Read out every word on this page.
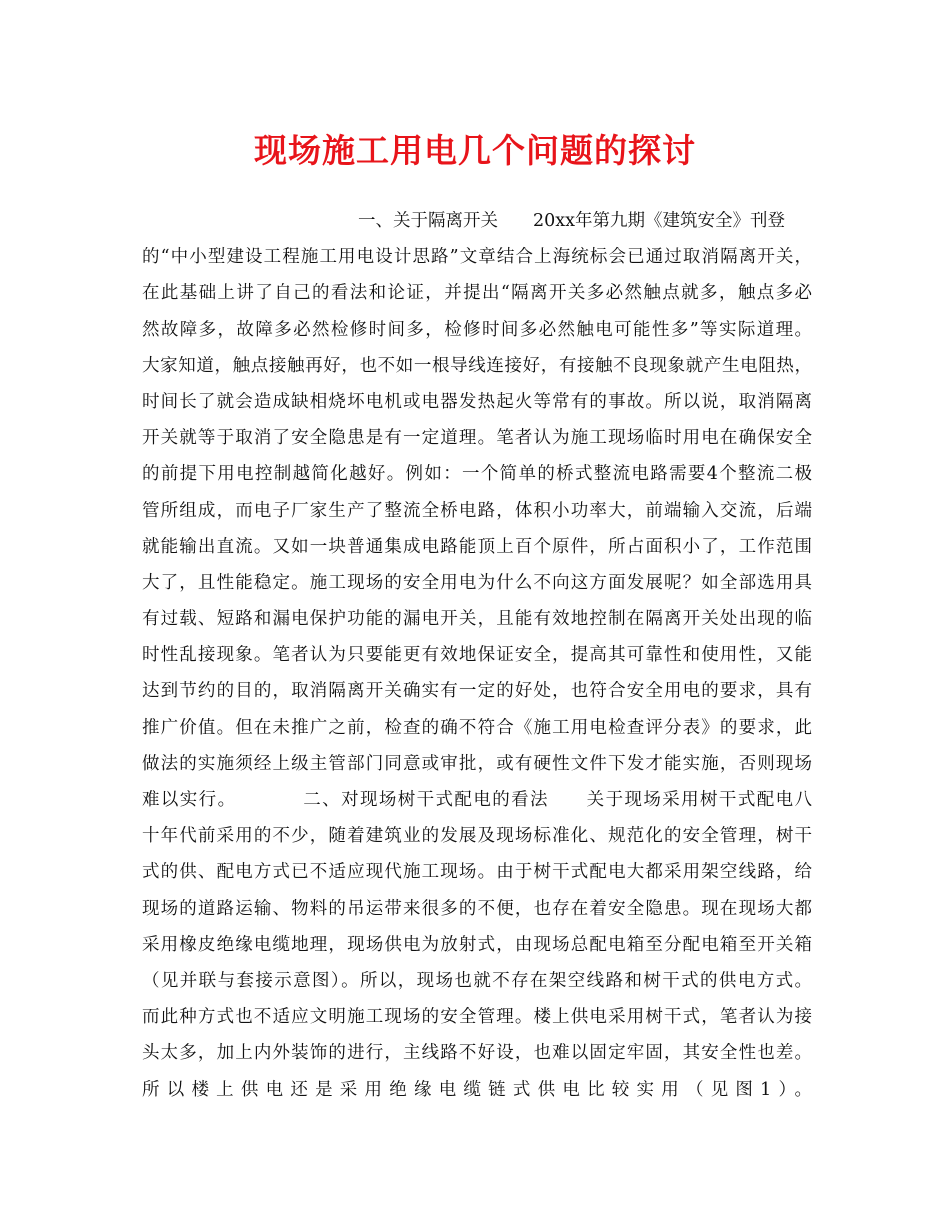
现场施工用电几个问题的探讨
一、关于隔离开关　　20xx年第九期《建筑安全》刊登
的“中小型建设工程施工用电设计思路”文章结合上海统标会已通过取消隔离开关，
在此基础上讲了自己的看法和论证，并提出“隔离开关多必然触点就多，触点多必
然故障多，故障多必然检修时间多，检修时间多必然触电可能性多”等实际道理。
大家知道，触点接触再好，也不如一根导线连接好，有接触不良现象就产生电阻热，
时间长了就会造成缺相烧坏电机或电器发热起火等常有的事故。所以说，取消隔离
开关就等于取消了安全隐患是有一定道理。笔者认为施工现场临时用电在确保安全
的前提下用电控制越简化越好。例如：一个简单的桥式整流电路需要4个整流二极
管所组成，而电子厂家生产了整流全桥电路，体积小功率大，前端输入交流，后端
就能输出直流。又如一块普通集成电路能顶上百个原件，所占面积小了，工作范围
大了，且性能稳定。施工现场的安全用电为什么不向这方面发展呢？如全部选用具
有过载、短路和漏电保护功能的漏电开关，且能有效地控制在隔离开关处出现的临
时性乱接现象。笔者认为只要能更有效地保证安全，提高其可靠性和使用性，又能
达到节约的目的，取消隔离开关确实有一定的好处，也符合安全用电的要求，具有
推广价值。但在未推广之前，检查的确不符合《施工用电检查评分表》的要求，此
做法的实施须经上级主管部门同意或审批，或有硬性文件下发才能实施，否则现场
难以实行。　　　　二、对现场树干式配电的看法　　关于现场采用树干式配电八
十年代前采用的不少，随着建筑业的发展及现场标准化、规范化的安全管理，树干
式的供、配电方式已不适应现代施工现场。由于树干式配电大都采用架空线路，给
现场的道路运输、物料的吊运带来很多的不便，也存在着安全隐患。现在现场大都
采用橡皮绝缘电缆地理，现场供电为放射式，由现场总配电箱至分配电箱至开关箱
（见并联与套接示意图）。所以，现场也就不存在架空线路和树干式的供电方式。
而此种方式也不适应文明施工现场的安全管理。楼上供电采用树干式，笔者认为接
头太多，加上内外装饰的进行，主线路不好设，也难以固定牢固，其安全性也差。
所以楼上供电还是采用绝缘电缆链式供电比较实用（见图1）。
